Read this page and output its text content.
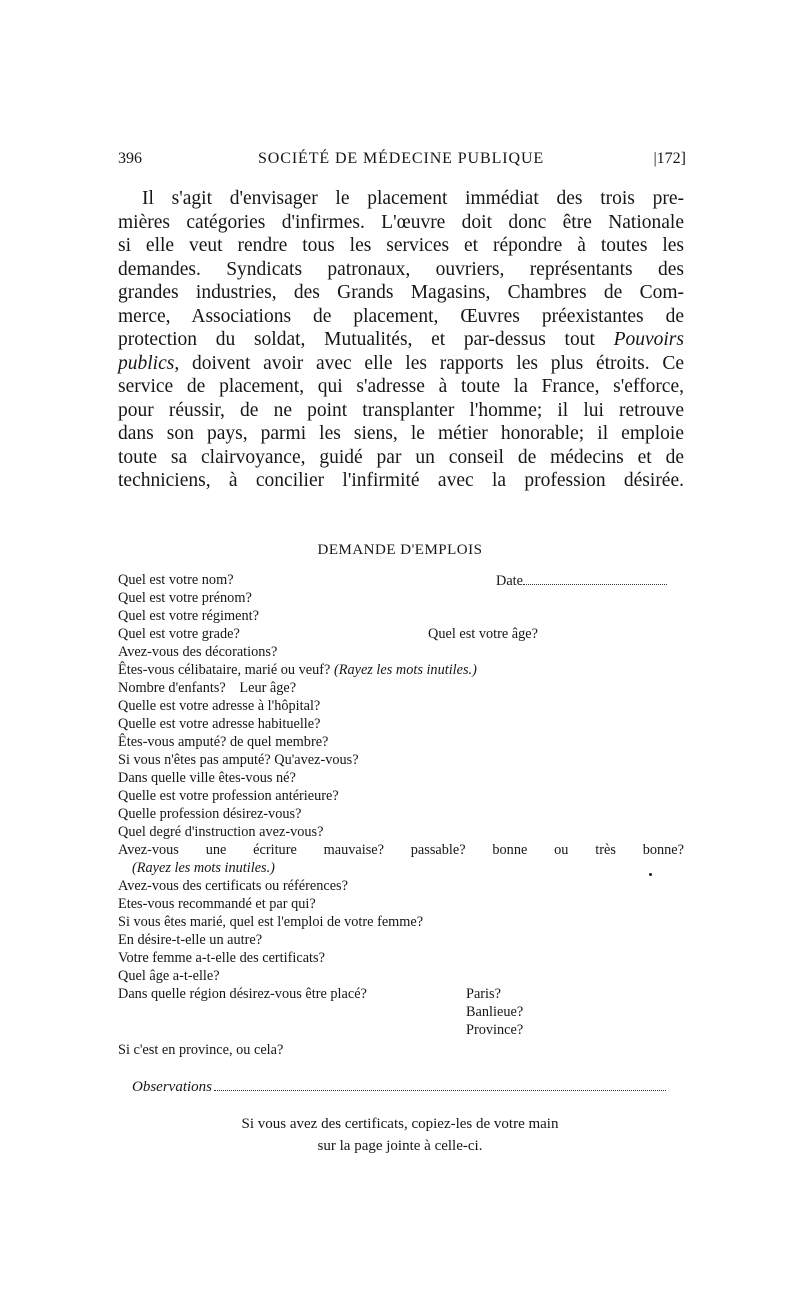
396	SOCIÉTÉ DE MÉDECINE PUBLIQUE	|172]
Il s'agit d'envisager le placement immédiat des trois pre-
mières catégories d'infirmes. L'œuvre doit donc être Nationale
si elle veut rendre tous les services et répondre à toutes les
demandes. Syndicats patronaux, ouvriers, représentants des
grandes industries, des Grands Magasins, Chambres de Com-
merce, Associations de placement, Œuvres préexistantes de
protection du soldat, Mutualités, et par-dessus tout Pouvoirs
publics, doivent avoir avec elle les rapports les plus étroits. Ce
service de placement, qui s'adresse à toute la France, s'efforce,
pour réussir, de ne point transplanter l'homme; il lui retrouve
dans son pays, parmi les siens, le métier honorable; il emploie
toute sa clairvoyance, guidé par un conseil de médecins et de
techniciens, à concilier l'infirmité avec la profession désirée.
DEMANDE D'EMPLOIS
Quel est votre nom?	Date
Quel est votre prénom?
Quel est votre régiment?
Quel est votre grade?	Quel est votre âge?
Avez-vous des décorations?
Êtes-vous célibataire, marié ou veuf? (Rayez les mots inutiles.)
Nombre d'enfants? Leur âge?
Quelle est votre adresse à l'hôpital?
Quelle est votre adresse habituelle?
Êtes-vous amputé? de quel membre?
Si vous n'êtes pas amputé? Qu'avez-vous?
Dans quelle ville êtes-vous né?
Quelle est votre profession antérieure?
Quelle profession désirez-vous?
Quel degré d'instruction avez-vous?
Avez-vous une écriture mauvaise? passable? bonne ou très bonne?
(Rayez les mots inutiles.)
Avez-vous des certificats ou références?
Etes-vous recommandé et par qui?
Si vous êtes marié, quel est l'emploi de votre femme?
En désire-t-elle un autre?
Votre femme a-t-elle des certificats?
Quel âge a-t-elle?
Dans quelle région désirez-vous être placé?	Paris?
Banlieue?
Province?
Si c'est en province, ou cela?
Observations
Si vous avez des certificats, copiez-les de votre main
sur la page jointe à celle-ci.
